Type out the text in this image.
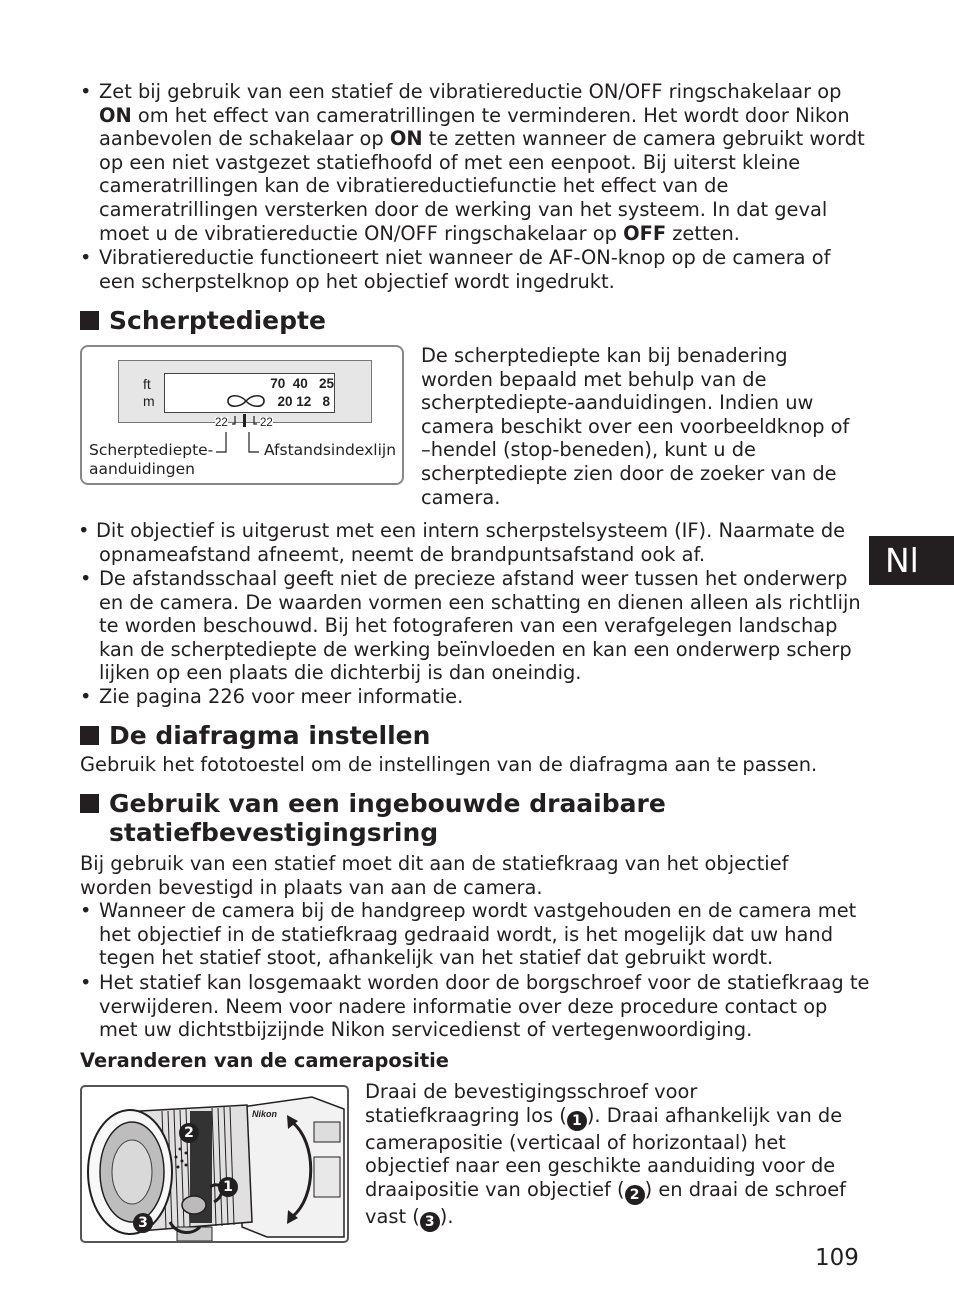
• Zet bij gebruik van een statief de vibratiereductie ON/OFF ringschakelaar op ON om het effect van cameratrillingen te verminderen. Het wordt door Nikon aanbevolen de schakelaar op ON te zetten wanneer de camera gebruikt wordt op een niet vastgezet statiefhoofd of met een eenpoot. Bij uiterst kleine cameratrillingen kan de vibratiereductiefunctie het effect van de cameratrillingen versterken door de werking van het systeem. In dat geval moet u de vibratiereductie ON/OFF ringschakelaar op OFF zetten.
• Vibratiereductie functioneert niet wanneer de AF-ON-knop op de camera of een scherpstelknop op het objectief wordt ingedrukt.
Scherptediepte
ft
m
70  40   25
20 12   8
22	22
Scherptediepte-
aanduidingen
Afstandsindexlijn
De scherptediepte kan bij benadering worden bepaald met behulp van de scherptediepte-aanduidingen. Indien uw camera beschikt over een voorbeeldknop of –hendel (stop-beneden), kunt u de scherptediepte zien door de zoeker van de camera.
• Dit objectief is uitgerust met een intern scherpstelsysteem (IF). Naarmate de opnameafstand afneemt, neemt de brandpuntsafstand ook af.
• De afstandsschaal geeft niet de precieze afstand weer tussen het onderwerp en de camera. De waarden vormen een schatting en dienen alleen als richtlijn te worden beschouwd. Bij het fotograferen van een verafgelegen landschap kan de scherptediepte de werking beïnvloeden en kan een onderwerp scherp lijken op een plaats die dichterbij is dan oneindig.
• Zie pagina 226 voor meer informatie.
De diafragma instellen
Gebruik het fototoestel om de instellingen van de diafragma aan te passen.
Gebruik van een ingebouwde draaibare
statiefbevestigingsring
Bij gebruik van een statief moet dit aan de statiefkraag van het objectief worden bevestigd in plaats van aan de camera.
• Wanneer de camera bij de handgreep wordt vastgehouden en de camera met het objectief in de statiefkraag gedraaid wordt, is het mogelijk dat uw hand tegen het statief stoot, afhankelijk van het statief dat gebruikt wordt.
• Het statief kan losgemaakt worden door de borgschroef voor de statiefkraag te verwijderen. Neem voor nadere informatie over deze procedure contact op met uw dichtstbijzijnde Nikon servicedienst of vertegenwoordiging.
Veranderen van de camerapositie
Nikon
2
1
3
Draai de bevestigingsschroef voor statiefkraagring los ( 1 ). Draai afhankelijk van de camerapositie (verticaal of horizontaal) het objectief naar een geschikte aanduiding voor de draaipositie van objectief ( 2 ) en draai de schroef vast ( 3 ).
Nl
109
